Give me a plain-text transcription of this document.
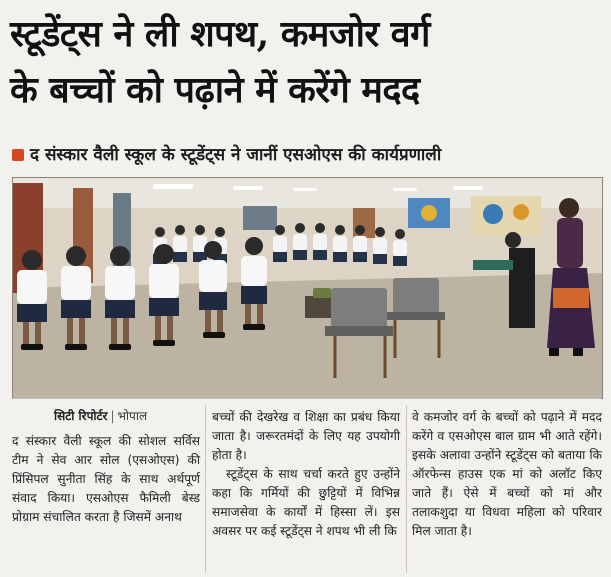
स्टूडेंट्स ने ली शपथ, कमजोर वर्ग
के बच्चों को पढ़ाने में करेंगे मदद
द संस्कार वैली स्कूल के स्टूडेंट्स ने जानीं एसओएस की कार्यप्रणाली
सिटी रिपोर्टर | भोपाल
द संस्कार वैली स्कूल की सोशल सर्विस टीम ने सेव आर सोल (एसओएस) की प्रिंसिपल सुनीता सिंह के साथ अर्थपूर्ण संवाद किया। एसओएस फैमिली बेस्ड प्रोग्राम संचालित करता है जिसमें अनाथ
बच्चों की देखरेख व शिक्षा का प्रबंध किया जाता है। जरूरतमंदों के लिए यह उपयोगी होता है।
स्टूडेंट्स के साथ चर्चा करते हुए उन्होंने कहा कि गर्मियों की छुट्टियों में विभिन्न समाजसेवा के कार्यों में हिस्सा लें। इस अवसर पर कई स्टूडेंट्स ने शपथ भी ली कि
वे कमजोर वर्ग के बच्चों को पढ़ाने में मदद करेंगे व एसओएस बाल ग्राम भी आते रहेंगे। इसके अलावा उन्होंने स्टूडेंट्स को बताया कि ऑरफेन्स हाउस एक मां को अलॉट किए जाते हैं। ऐसे में बच्चों को मां और तलाकशुदा या विधवा महिला को परिवार मिल जाता है।
